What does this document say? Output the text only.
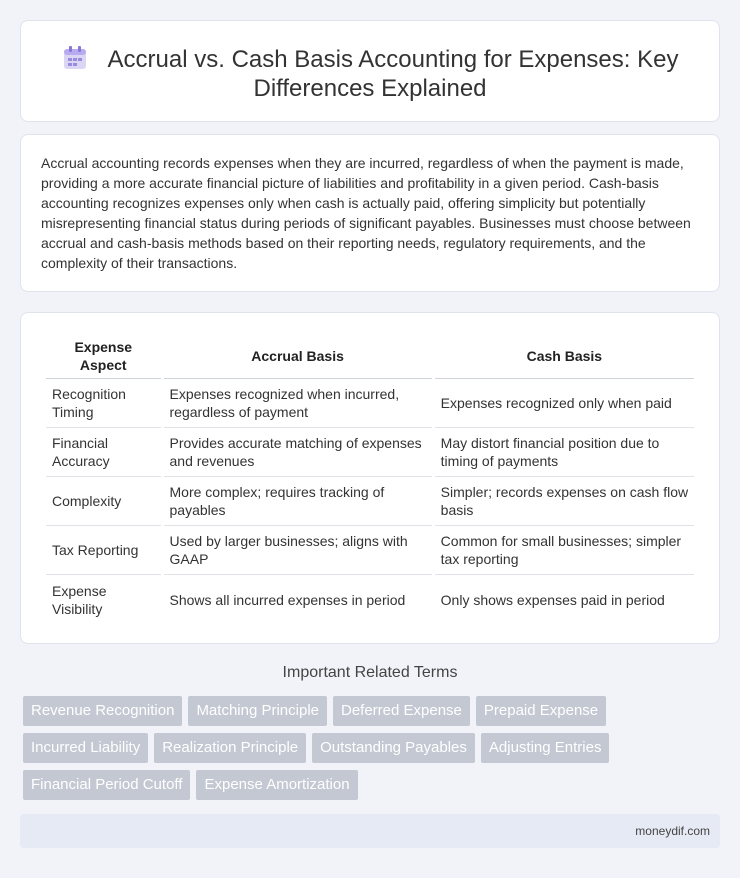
Accrual vs. Cash Basis Accounting for Expenses: Key Differences Explained

Accrual accounting records expenses when they are incurred, regardless of when the payment is made, providing a more accurate financial picture of liabilities and profitability in a given period. Cash-basis accounting recognizes expenses only when cash is actually paid, offering simplicity but potentially misrepresenting financial status during periods of significant payables. Businesses must choose between accrual and cash-basis methods based on their reporting needs, regulatory requirements, and the complexity of their transactions.

Expense Aspect	Accrual Basis	Cash Basis
Recognition Timing	Expenses recognized when incurred, regardless of payment	Expenses recognized only when paid
Financial Accuracy	Provides accurate matching of expenses and revenues	May distort financial position due to timing of payments
Complexity	More complex; requires tracking of payables	Simpler; records expenses on cash flow basis
Tax Reporting	Used by larger businesses; aligns with GAAP	Common for small businesses; simpler tax reporting
Expense Visibility	Shows all incurred expenses in period	Only shows expenses paid in period
Important Related Terms
Revenue Recognition	Matching Principle	Deferred Expense	Prepaid Expense
Incurred Liability	Realization Principle	Outstanding Payables	Adjusting Entries
Financial Period Cutoff	Expense Amortization
moneydif.com
